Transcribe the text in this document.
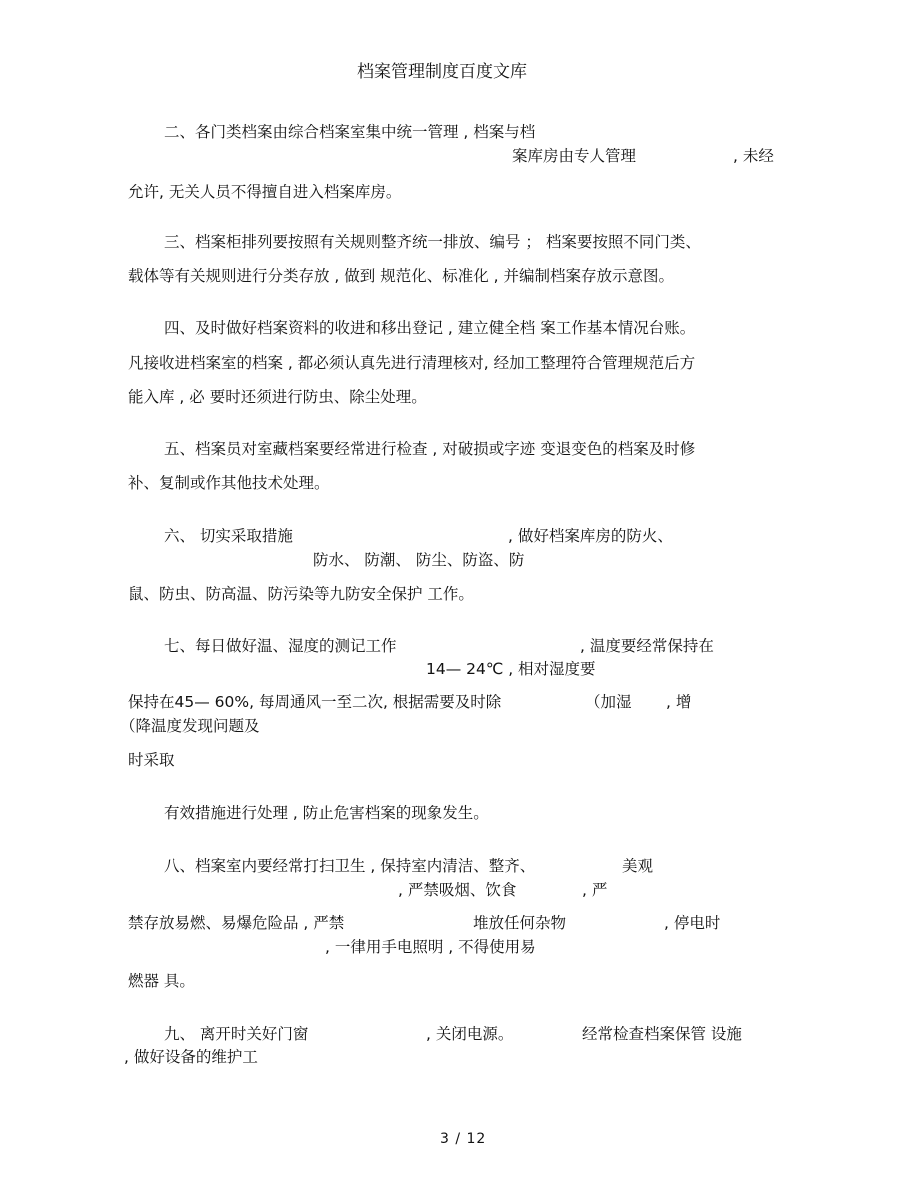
档案管理制度百度文库
二、各门类档案由综合档案室集中统一管理 , 档案与档
案库房由专人管理	, 未经
允许, 无关人员不得擅自进入档案库房。
三、档案柜排列要按照有关规则整齐统一排放、编号 ； 档案要按照不同门类、
载体等有关规则进行分类存放 , 做到 规范化、标准化 , 并编制档案存放示意图。
四、及时做好档案资料的收进和移出登记 , 建立健全档 案工作基本情况台账。
凡接收进档案室的档案 , 都必须认真先进行清理核对, 经加工整理符合管理规范后方
能入库 , 必 要时还须进行防虫、除尘处理。
五、档案员对室藏档案要经常进行检查 , 对破损或字迹 变退变色的档案及时修
补、复制或作其他技术处理。
六、 切实采取措施	, 做好档案库房的防火、
防水、 防潮、 防尘、防盗、防
鼠、防虫、防高温、防污染等九防安全保护 工作。
七、每日做好温、湿度的测记工作	, 温度要经常保持在
14— 24℃ , 相对湿度要
保持在45— 60%, 每周通风一至二次, 根据需要及时除	（加湿 , 增
（降温度发现问题及
时采取
有效措施进行处理 , 防止危害档案的现象发生。
八、档案室内要经常打扫卫生 , 保持室内清洁、整齐、	美观
, 严禁吸烟、饮食	, 严
禁存放易燃、易爆危险品 , 严禁	堆放任何杂物	, 停电时
, 一律用手电照明 , 不得使用易
燃器 具。
九、 离开时关好门窗	, 关闭电源。	经常检查档案保管 设施
, 做好设备的维护工
3 / 12
